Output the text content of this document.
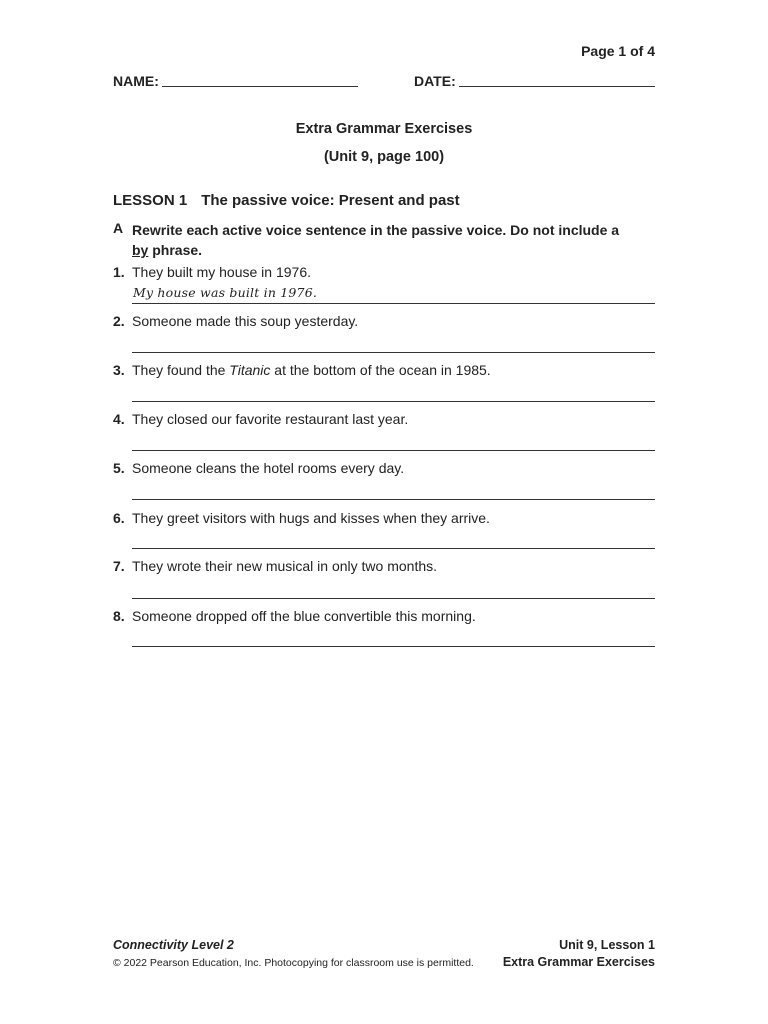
Page 1 of 4
NAME:	DATE:
Extra Grammar Exercises
(Unit 9, page 100)
LESSON 1 The passive voice: Present and past
A Rewrite each active voice sentence in the passive voice. Do not include a
by phrase.
1. They built my house in 1976.
My house was built in 1976.
2. Someone made this soup yesterday.
3. They found the Titanic at the bottom of the ocean in 1985.
4. They closed our favorite restaurant last year.
5. Someone cleans the hotel rooms every day.
6. They greet visitors with hugs and kisses when they arrive.
7. They wrote their new musical in only two months.
8. Someone dropped off the blue convertible this morning.
Connectivity Level 2
© 2022 Pearson Education, Inc. Photocopying for classroom use is permitted.
Unit 9, Lesson 1
Extra Grammar Exercises
